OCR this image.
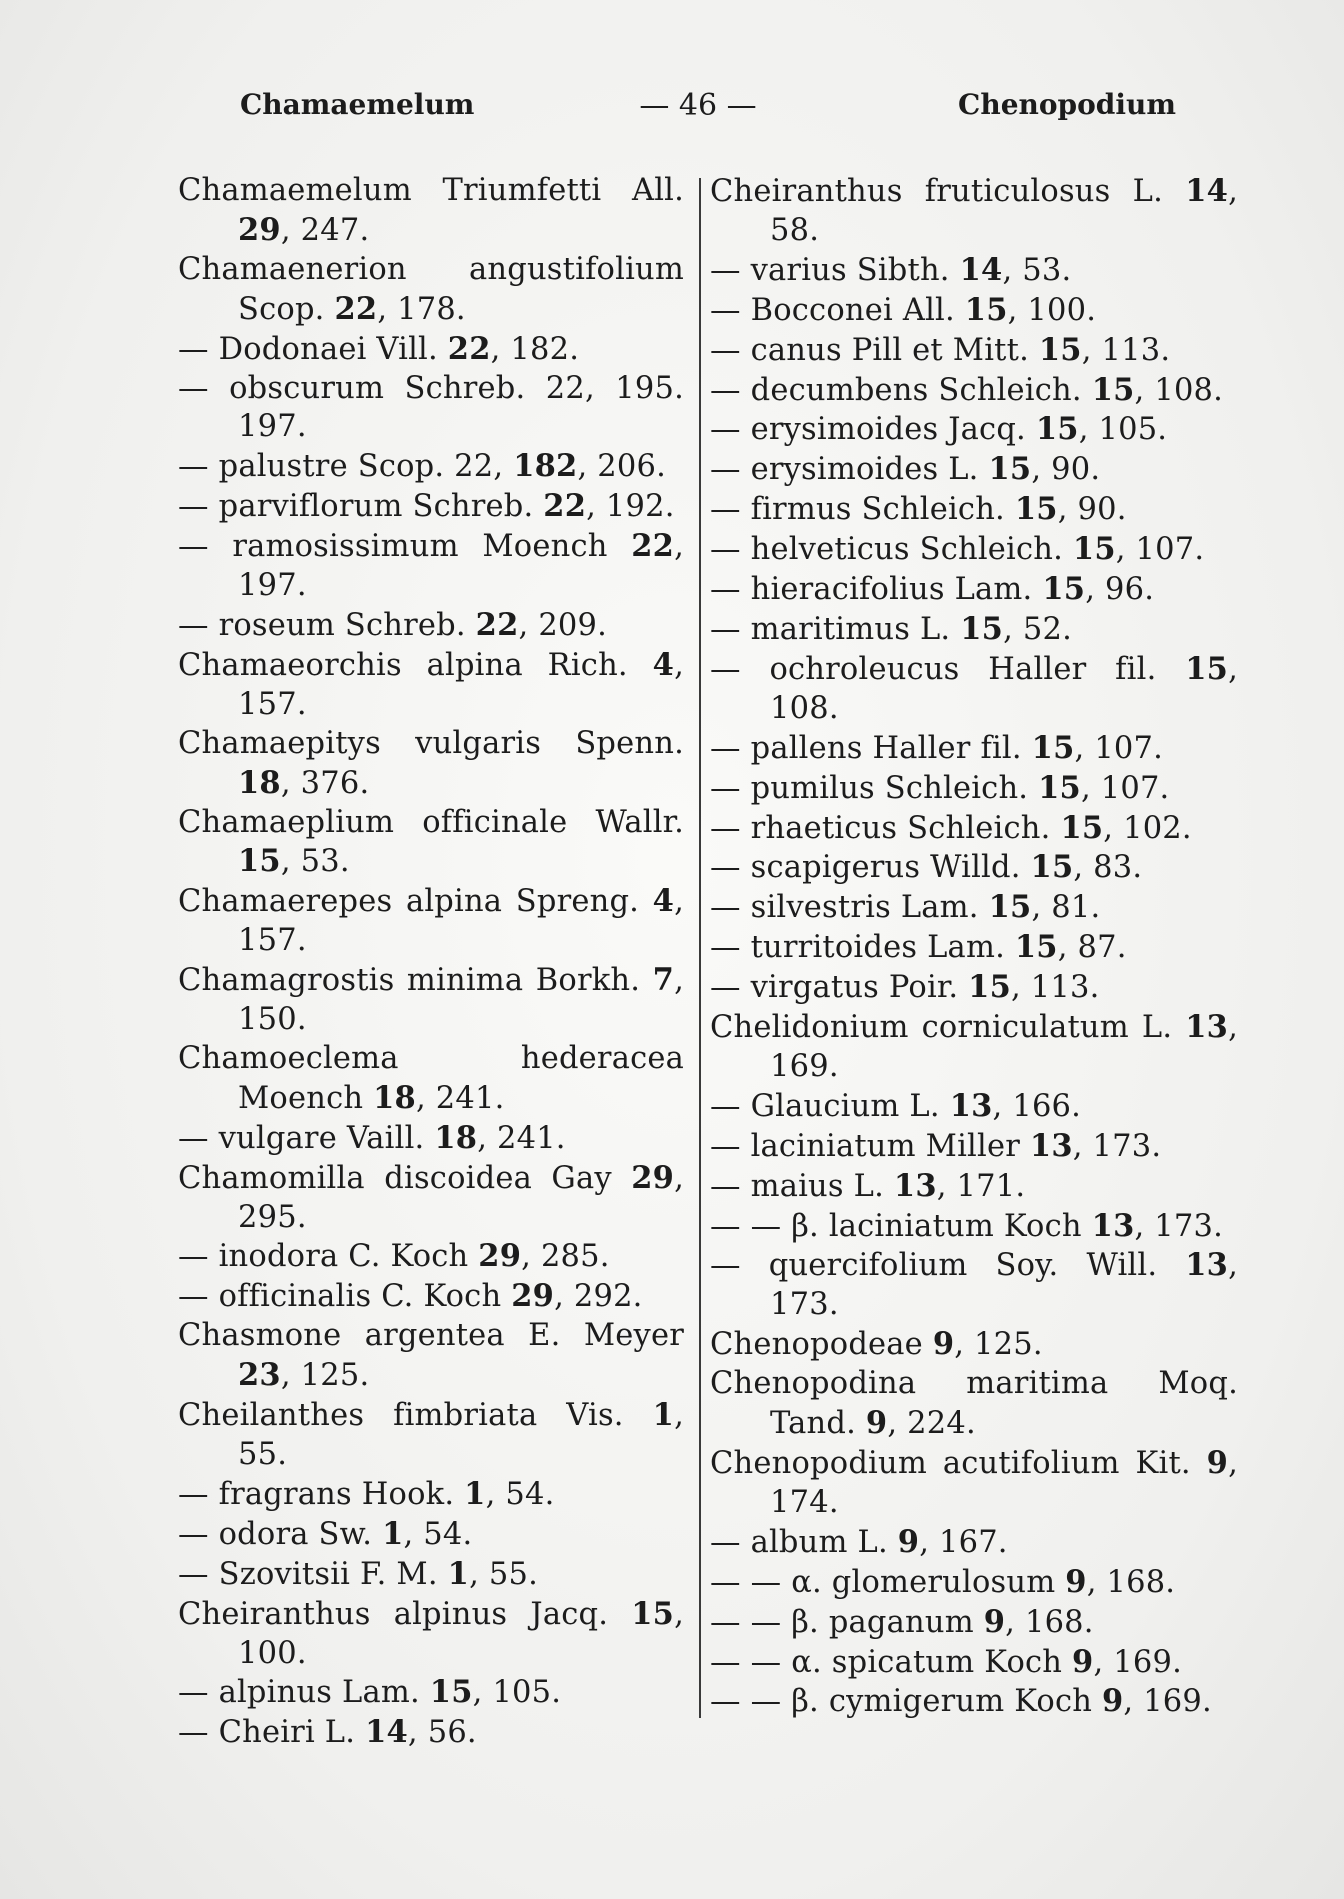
Chamaemelum	— 46 —	Chenopodium

Chamaemelum Triumfetti All. 29, 247.

Chamaenerion angustifolium Scop. 22, 178.

— Dodonaei Vill. 22, 182.

— obscurum Schreb. 22, 195. 197.

— palustre Scop. 22, 182, 206.

— parviflorum Schreb. 22, 192.

— ramosissimum Moench 22, 197.

— roseum Schreb. 22, 209.

Chamaeorchis alpina Rich. 4, 157.

Chamaepitys vulgaris Spenn. 18, 376.

Chamaeplium officinale Wallr. 15, 53.

Chamaerepes alpina Spreng. 4, 157.

Chamagrostis minima Borkh. 7, 150.

Chamoeclema hederacea Moench 18, 241.

— vulgare Vaill. 18, 241.

Chamomilla discoidea Gay 29, 295.

— inodora C. Koch 29, 285.

— officinalis C. Koch 29, 292.

Chasmone argentea E. Meyer 23, 125.

Cheilanthes fimbriata Vis. 1, 55.

— fragrans Hook. 1, 54.

— odora Sw. 1, 54.

— Szovitsii F. M. 1, 55.

Cheiranthus alpinus Jacq. 15, 100.

— alpinus Lam. 15, 105.

— Cheiri L. 14, 56.

Cheiranthus fruticulosus L. 14, 58.

— varius Sibth. 14, 53.

— Bocconei All. 15, 100.

— canus Pill et Mitt. 15, 113.

— decumbens Schleich. 15, 108.

— erysimoides Jacq. 15, 105.

— erysimoides L. 15, 90.

— firmus Schleich. 15, 90.

— helveticus Schleich. 15, 107.

— hieracifolius Lam. 15, 96.

— maritimus L. 15, 52.

— ochroleucus Haller fil. 15, 108.

— pallens Haller fil. 15, 107.

— pumilus Schleich. 15, 107.

— rhaeticus Schleich. 15, 102.

— scapigerus Willd. 15, 83.

— silvestris Lam. 15, 81.

— turritoides Lam. 15, 87.

— virgatus Poir. 15, 113.

Chelidonium corniculatum L. 13, 169.

— Glaucium L. 13, 166.

— laciniatum Miller 13, 173.

— maius L. 13, 171.

— — β. laciniatum Koch 13, 173.

— quercifolium Soy. Will. 13, 173.

Chenopodeae 9, 125.

Chenopodina maritima Moq. Tand. 9, 224.

Chenopodium acutifolium Kit. 9, 174.

— album L. 9, 167.

— — α. glomerulosum 9, 168.

— — β. paganum 9, 168.

— — α. spicatum Koch 9, 169.

— — β. cymigerum Koch 9, 169.
